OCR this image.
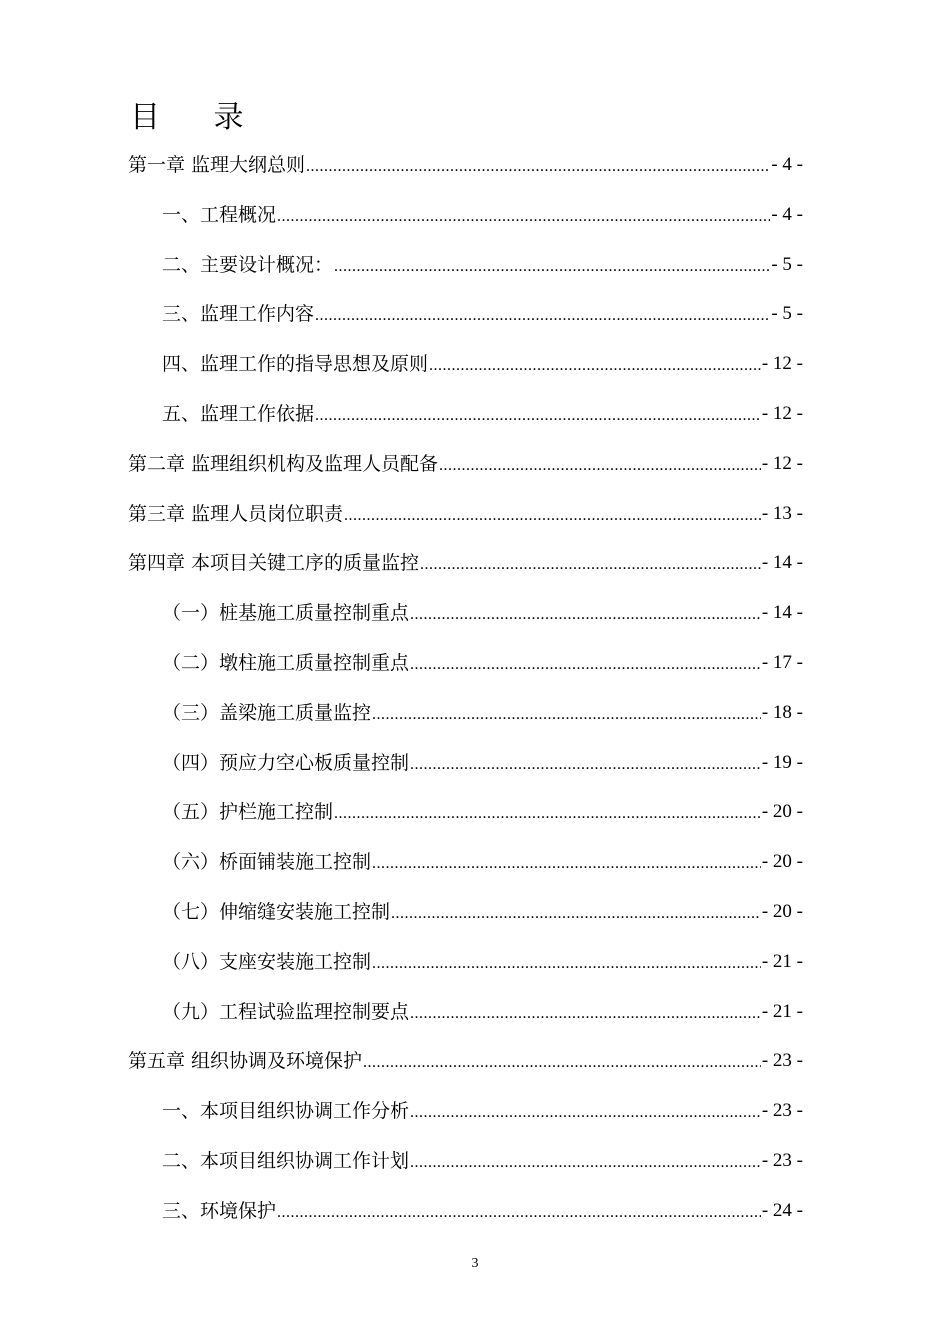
目 录
第一章 监理大纲总则 .....	- 4 -
一、工程概况 .....	- 4 -
二、主要设计概况： .....	- 5 -
三、监理工作内容 .....	- 5 -
四、监理工作的指导思想及原则 .....	- 12 -
五、监理工作依据 .....	- 12 -
第二章 监理组织机构及监理人员配备 .....	- 12 -
第三章 监理人员岗位职责 .....	- 13 -
第四章 本项目关键工序的质量监控 .....	- 14 -
（一）桩基施工质量控制重点 .....	- 14 -
（二）墩柱施工质量控制重点 .....	- 17 -
（三）盖梁施工质量监控 .....	- 18 -
（四）预应力空心板质量控制 .....	- 19 -
（五）护栏施工控制 .....	- 20 -
（六）桥面铺装施工控制 .....	- 20 -
（七）伸缩缝安装施工控制 .....	- 20 -
（八）支座安装施工控制 .....	- 21 -
（九）工程试验监理控制要点 .....	- 21 -
第五章 组织协调及环境保护 .....	- 23 -
一、本项目组织协调工作分析 .....	- 23 -
二、本项目组织协调工作计划 .....	- 23 -
三、环境保护 .....	- 24 -
3
